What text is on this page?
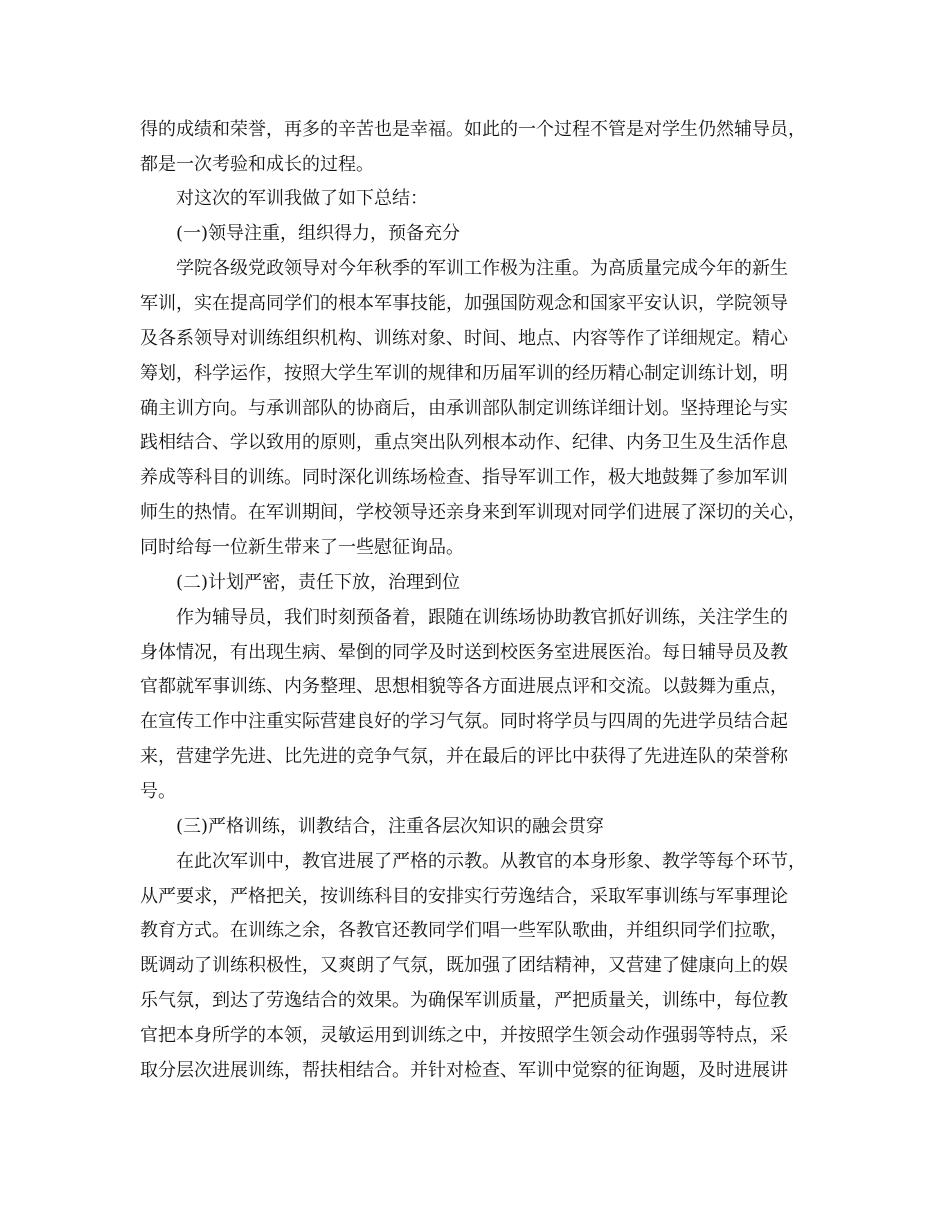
得的成绩和荣誉，再多的辛苦也是幸福。如此的一个过程不管是对学生仍然辅导员，
都是一次考验和成长的过程。
对这次的军训我做了如下总结：
(一)领导注重，组织得力，预备充分
学院各级党政领导对今年秋季的军训工作极为注重。为高质量完成今年的新生
军训，实在提高同学们的根本军事技能，加强国防观念和国家平安认识，学院领导
及各系领导对训练组织机构、训练对象、时间、地点、内容等作了详细规定。精心
筹划，科学运作，按照大学生军训的规律和历届军训的经历精心制定训练计划，明
确主训方向。与承训部队的协商后，由承训部队制定训练详细计划。坚持理论与实
践相结合、学以致用的原则，重点突出队列根本动作、纪律、内务卫生及生活作息
养成等科目的训练。同时深化训练场检查、指导军训工作，极大地鼓舞了参加军训
师生的热情。在军训期间，学校领导还亲身来到军训现对同学们进展了深切的关心，
同时给每一位新生带来了一些慰征询品。
(二)计划严密，责任下放，治理到位
作为辅导员，我们时刻预备着，跟随在训练场协助教官抓好训练，关注学生的
身体情况，有出现生病、晕倒的同学及时送到校医务室进展医治。每日辅导员及教
官都就军事训练、内务整理、思想相貌等各方面进展点评和交流。以鼓舞为重点，
在宣传工作中注重实际营建良好的学习气氛。同时将学员与四周的先进学员结合起
来，营建学先进、比先进的竞争气氛，并在最后的评比中获得了先进连队的荣誉称
号。
(三)严格训练，训教结合，注重各层次知识的融会贯穿
在此次军训中，教官进展了严格的示教。从教官的本身形象、教学等每个环节，
从严要求，严格把关，按训练科目的安排实行劳逸结合，采取军事训练与军事理论
教育方式。在训练之余，各教官还教同学们唱一些军队歌曲，并组织同学们拉歌，
既调动了训练积极性，又爽朗了气氛，既加强了团结精神，又营建了健康向上的娱
乐气氛，到达了劳逸结合的效果。为确保军训质量，严把质量关，训练中，每位教
官把本身所学的本领，灵敏运用到训练之中，并按照学生领会动作强弱等特点，采
取分层次进展训练，帮扶相结合。并针对检查、军训中觉察的征询题，及时进展讲
